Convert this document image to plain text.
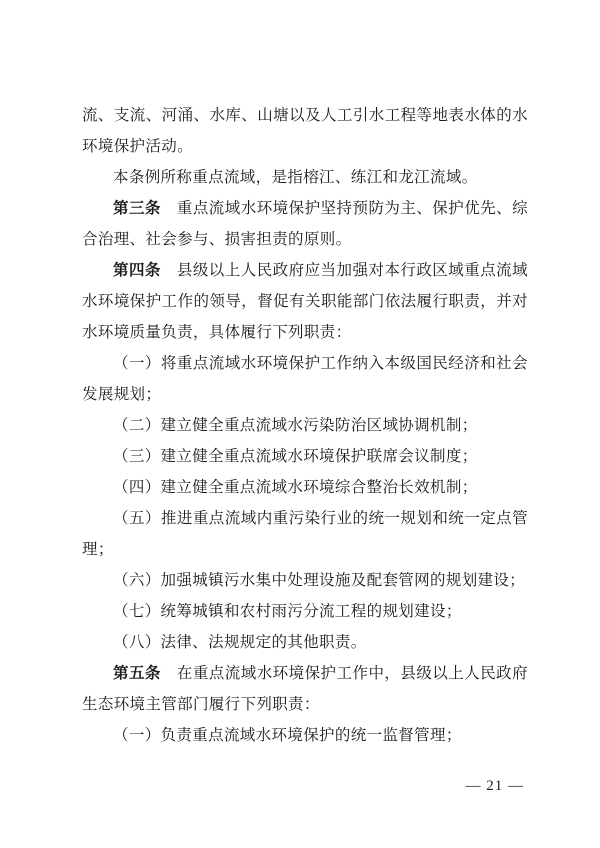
流、支流、河涌、水库、山塘以及人工引水工程等地表水体的水环境保护活动。

本条例所称重点流域，是指榕江、练江和龙江流域。

第三条　重点流域水环境保护坚持预防为主、保护优先、综合治理、社会参与、损害担责的原则。

第四条　县级以上人民政府应当加强对本行政区域重点流域水环境保护工作的领导，督促有关职能部门依法履行职责，并对水环境质量负责，具体履行下列职责：

（一）将重点流域水环境保护工作纳入本级国民经济和社会发展规划；

（二）建立健全重点流域水污染防治区域协调机制；

（三）建立健全重点流域水环境保护联席会议制度；

（四）建立健全重点流域水环境综合整治长效机制；

（五）推进重点流域内重污染行业的统一规划和统一定点管理；

（六）加强城镇污水集中处理设施及配套管网的规划建设；

（七）统筹城镇和农村雨污分流工程的规划建设；

（八）法律、法规规定的其他职责。

第五条　在重点流域水环境保护工作中，县级以上人民政府生态环境主管部门履行下列职责：

（一）负责重点流域水环境保护的统一监督管理；

— 21 —
